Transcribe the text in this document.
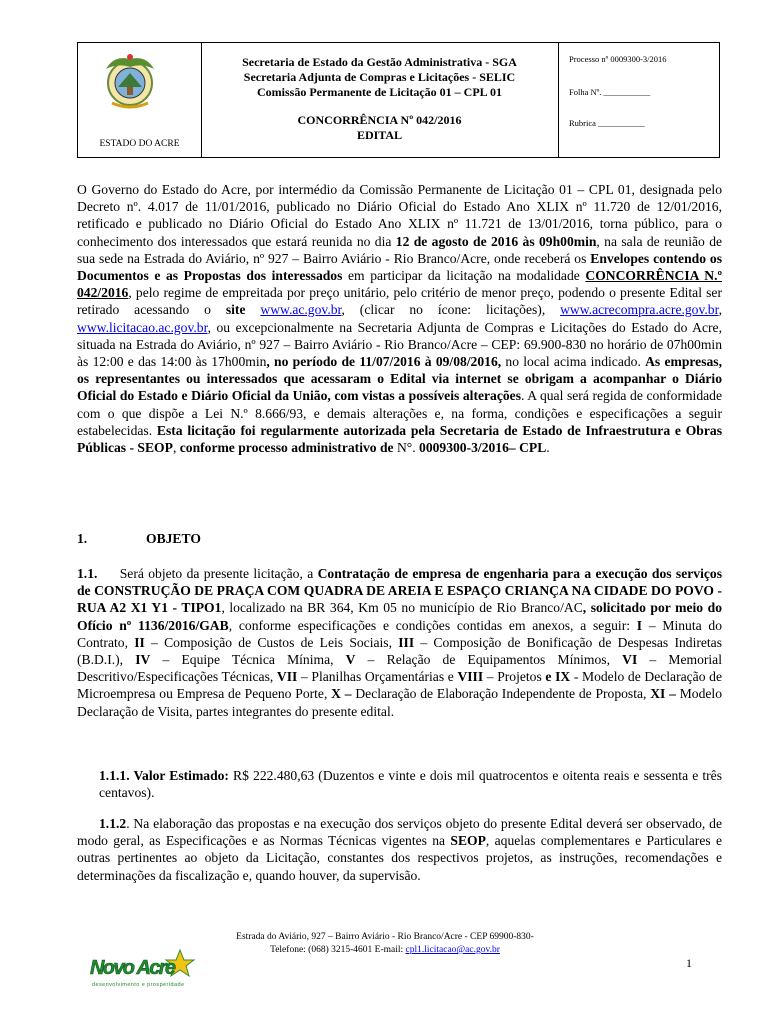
ESTADO DO ACRE
Secretaria de Estado da Gestão Administrativa - SGA
Secretaria Adjunta de Compras e Licitações - SELIC
Comissão Permanente de Licitação 01 – CPL 01
CONCORRÊNCIA Nº 042/2016
EDITAL
Processo nº 0009300-3/2016
Folha Nº. ___________
Rubrica ___________

O Governo do Estado do Acre, por intermédio da Comissão Permanente de Licitação 01 – CPL 01, designada pelo Decreto nº. 4.017 de 11/01/2016, publicado no Diário Oficial do Estado Ano XLIX nº 11.720 de 12/01/2016, retificado e publicado no Diário Oficial do Estado Ano XLIX nº 11.721 de 13/01/2016, torna público, para o conhecimento dos interessados que estará reunida no dia 12 de agosto de 2016 às 09h00min, na sala de reunião de sua sede na Estrada do Aviário, nº 927 – Bairro Aviário - Rio Branco/Acre, onde receberá os Envelopes contendo os Documentos e as Propostas dos interessados em participar da licitação na modalidade CONCORRÊNCIA N.º 042/2016, pelo regime de empreitada por preço unitário, pelo critério de menor preço, podendo o presente Edital ser retirado acessando o site www.ac.gov.br, (clicar no ícone: licitações), www.acrecompra.acre.gov.br, www.licitacao.ac.gov.br, ou excepcionalmente na Secretaria Adjunta de Compras e Licitações do Estado do Acre, situada na Estrada do Aviário, nº 927 – Bairro Aviário - Rio Branco/Acre – CEP: 69.900-830 no horário de 07h00min às 12:00 e das 14:00 às 17h00min, no período de 11/07/2016 à 09/08/2016, no local acima indicado. As empresas, os representantes ou interessados que acessaram o Edital via internet se obrigam a acompanhar o Diário Oficial do Estado e Diário Oficial da União, com vistas a possíveis alterações. A qual será regida de conformidade com o que dispõe a Lei N.º 8.666/93, e demais alterações e, na forma, condições e especificações a seguir estabelecidas. Esta licitação foi regularmente autorizada pela Secretaria de Estado de Infraestrutura e Obras Públicas - SEOP, conforme processo administrativo de N°. 0009300-3/2016– CPL.

1.	OBJETO

1.1. Será objeto da presente licitação, a Contratação de empresa de engenharia para a execução dos serviços de CONSTRUÇÃO DE PRAÇA COM QUADRA DE AREIA E ESPAÇO CRIANÇA NA CIDADE DO POVO - RUA A2 X1 Y1 - TIPO1, localizado na BR 364, Km 05 no município de Rio Branco/AC, solicitado por meio do Ofício nº 1136/2016/GAB, conforme especificações e condições contidas em anexos, a seguir: I – Minuta do Contrato, II – Composição de Custos de Leis Sociais, III – Composição de Bonificação de Despesas Indiretas (B.D.I.), IV – Equipe Técnica Mínima, V – Relação de Equipamentos Mínimos, VI – Memorial Descritivo/Especificações Técnicas, VII – Planilhas Orçamentárias e VIII – Projetos e IX - Modelo de Declaração de Microempresa ou Empresa de Pequeno Porte, X – Declaração de Elaboração Independente de Proposta, XI – Modelo Declaração de Visita, partes integrantes do presente edital.

1.1.1. Valor Estimado: R$ 222.480,63 (Duzentos e vinte e dois mil quatrocentos e oitenta reais e sessenta e três centavos).

1.1.2. Na elaboração das propostas e na execução dos serviços objeto do presente Edital deverá ser observado, de modo geral, as Especificações e as Normas Técnicas vigentes na SEOP, aquelas complementares e Particulares e outras pertinentes ao objeto da Licitação, constantes dos respectivos projetos, as instruções, recomendações e determinações da fiscalização e, quando houver, da supervisão.

Estrada do Aviário, 927 – Bairro Aviário - Rio Branco/Acre - CEP 69900-830-
Telefone: (068) 3215-4601 E-mail: cpl1.licitacao@ac.gov.br
1
Novo Acre
desenvolvimento e prosperidade
